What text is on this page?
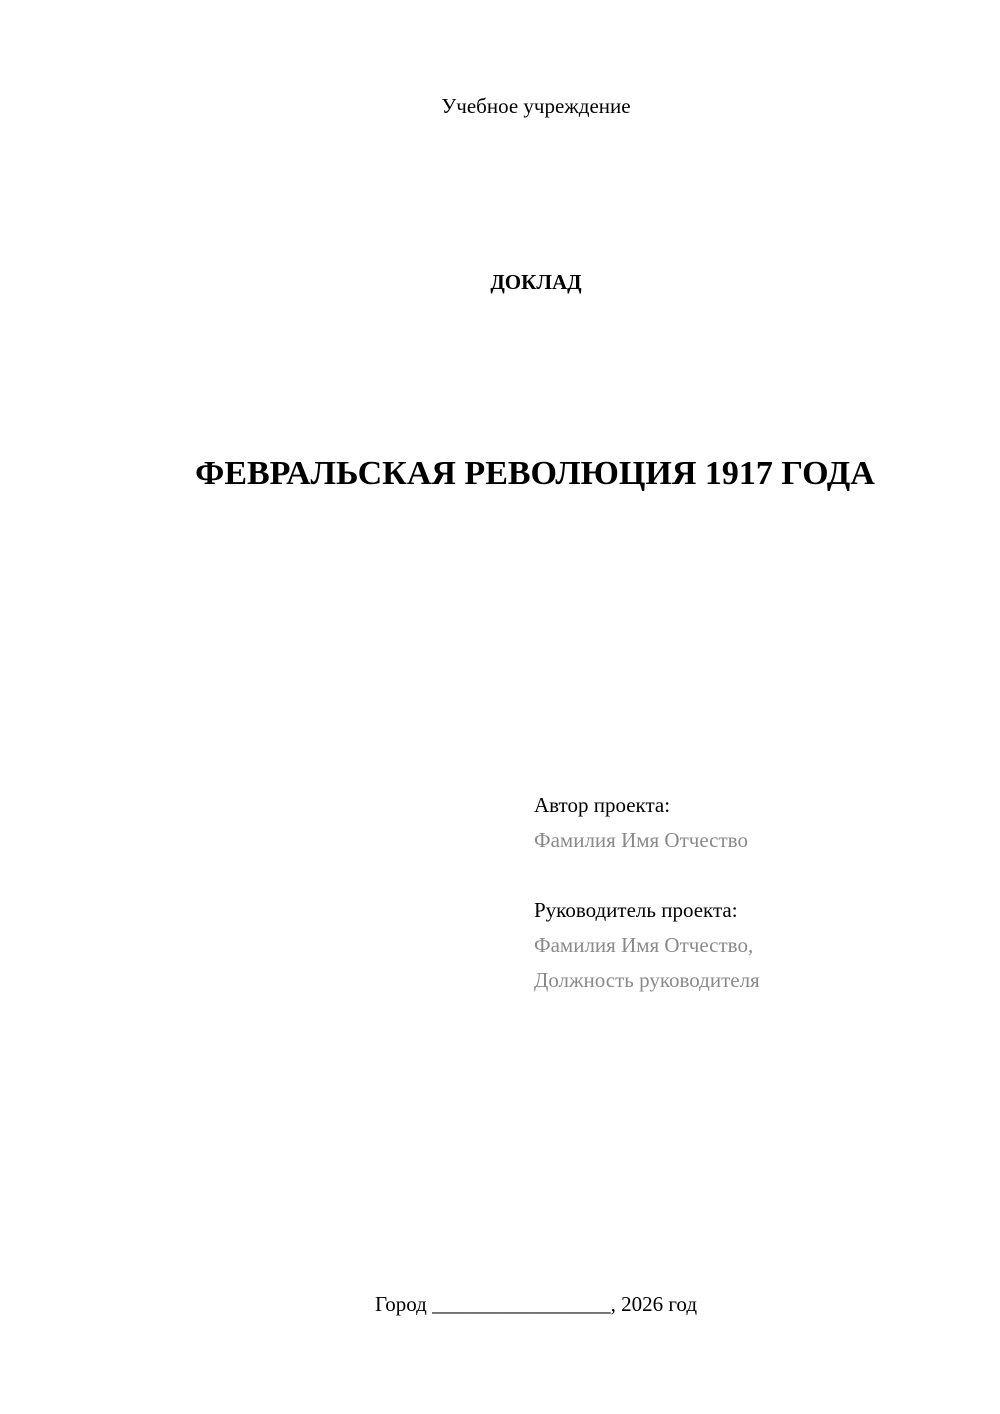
Учебное учреждение
ДОКЛАД
ФЕВРАЛЬСКАЯ РЕВОЛЮЦИЯ 1917 ГОДА
Автор проекта:
Фамилия Имя Отчество
Руководитель проекта:
Фамилия Имя Отчество,
Должность руководителя
Город _________________, 2026 год
